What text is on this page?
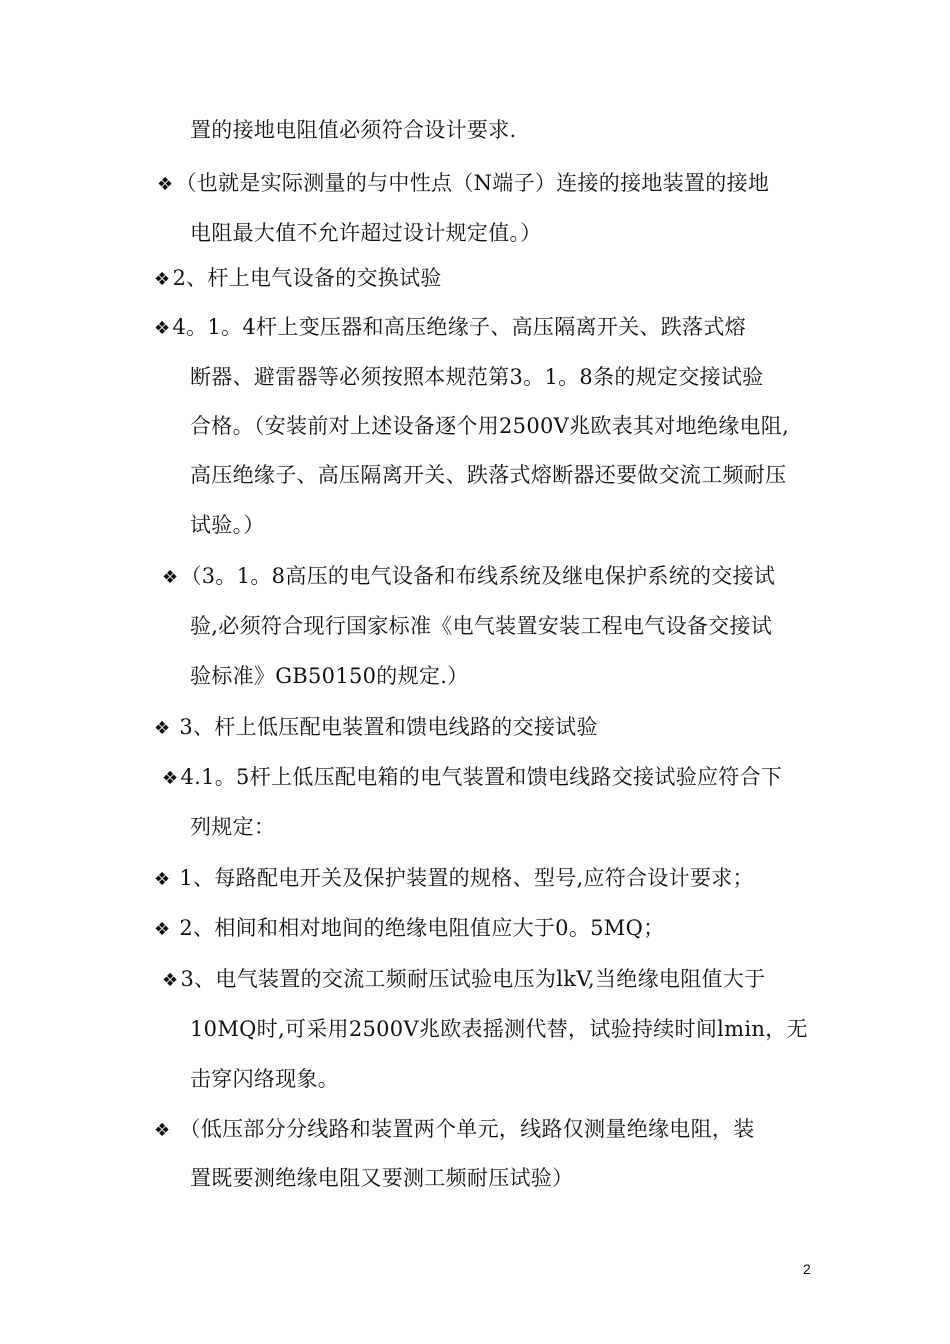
置的接地电阻值必须符合设计要求.
❖（也就是实际测量的与中性点（N端子）连接的接地装置的接地
电阻最大值不允许超过设计规定值。）
❖2、杆上电气设备的交换试验
❖4。1。4杆上变压器和高压绝缘子、高压隔离开关、跌落式熔
断器、避雷器等必须按照本规范第3。1。8条的规定交接试验
合格。（安装前对上述设备逐个用2500V兆欧表其对地绝缘电阻,
高压绝缘子、高压隔离开关、跌落式熔断器还要做交流工频耐压
试验。）
❖（3。1。8高压的电气设备和布线系统及继电保护系统的交接试
验,必须符合现行国家标准《电气装置安装工程电气设备交接试
验标准》GB50150的规定.）
❖ 3、杆上低压配电装置和馈电线路的交接试验
❖4.1。5杆上低压配电箱的电气装置和馈电线路交接试验应符合下
列规定：
❖ 1、每路配电开关及保护装置的规格、型号,应符合设计要求；
❖ 2、相间和相对地间的绝缘电阻值应大于0。5MQ；
❖3、电气装置的交流工频耐压试验电压为lkV,当绝缘电阻值大于
10MQ时,可采用2500V兆欧表摇测代替，试验持续时间lmin，无
击穿闪络现象。
❖ （低压部分分线路和装置两个单元，线路仅测量绝缘电阻，装
置既要测绝缘电阻又要测工频耐压试验）
2
